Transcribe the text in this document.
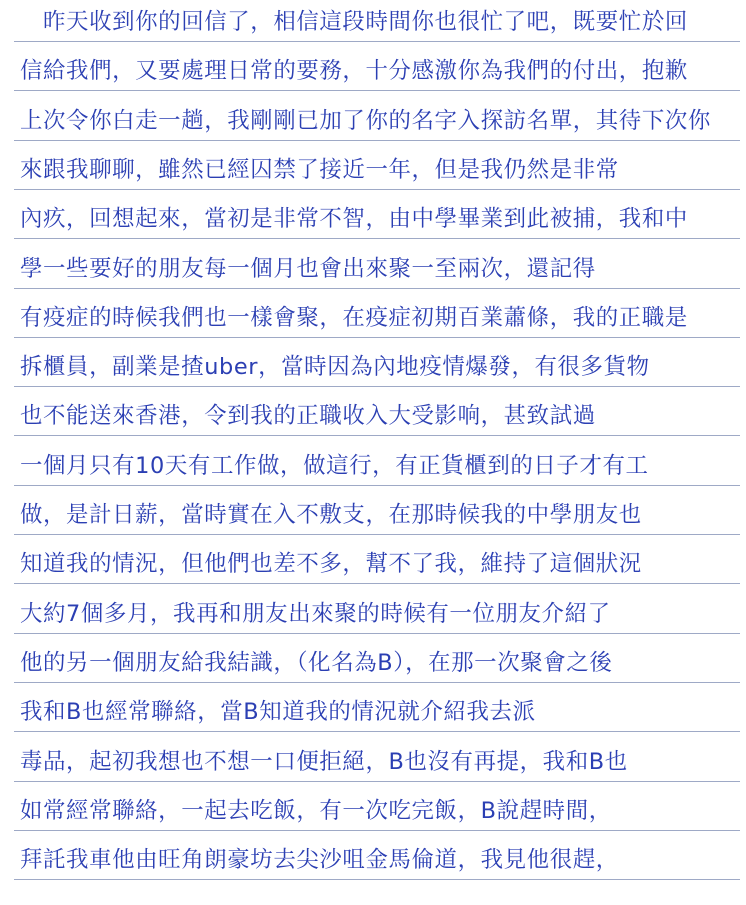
　昨天收到你的回信了，相信這段時間你也很忙了吧，既要忙於回
信給我們，又要處理日常的要務，十分感激你為我們的付出，抱歉
上次令你白走一趟，我剛剛已加了你的名字入探訪名單，其待下次你
來跟我聊聊，雖然已經囚禁了接近一年，但是我仍然是非常
內疚，回想起來，當初是非常不智，由中學畢業到此被捕，我和中
學一些要好的朋友每一個月也會出來聚一至兩次，還記得
有疫症的時候我們也一樣會聚，在疫症初期百業蕭條，我的正職是
拆櫃員，副業是揸uber，當時因為內地疫情爆發，有很多貨物
也不能送來香港，令到我的正職收入大受影响，甚致試過
一個月只有10天有工作做，做這行，有正貨櫃到的日子才有工
做，是計日薪，當時實在入不敷支，在那時候我的中學朋友也
知道我的情況，但他們也差不多，幫不了我，維持了這個狀況
大約7個多月，我再和朋友出來聚的時候有一位朋友介紹了
他的另一個朋友給我結識，（化名為B），在那一次聚會之後
我和B也經常聯絡，當B知道我的情況就介紹我去派
毒品，起初我想也不想一口便拒絕，B也沒有再提，我和B也
如常經常聯絡，一起去吃飯，有一次吃完飯，B說趕時間，
拜託我車他由旺角朗豪坊去尖沙咀金馬倫道，我見他很趕，
